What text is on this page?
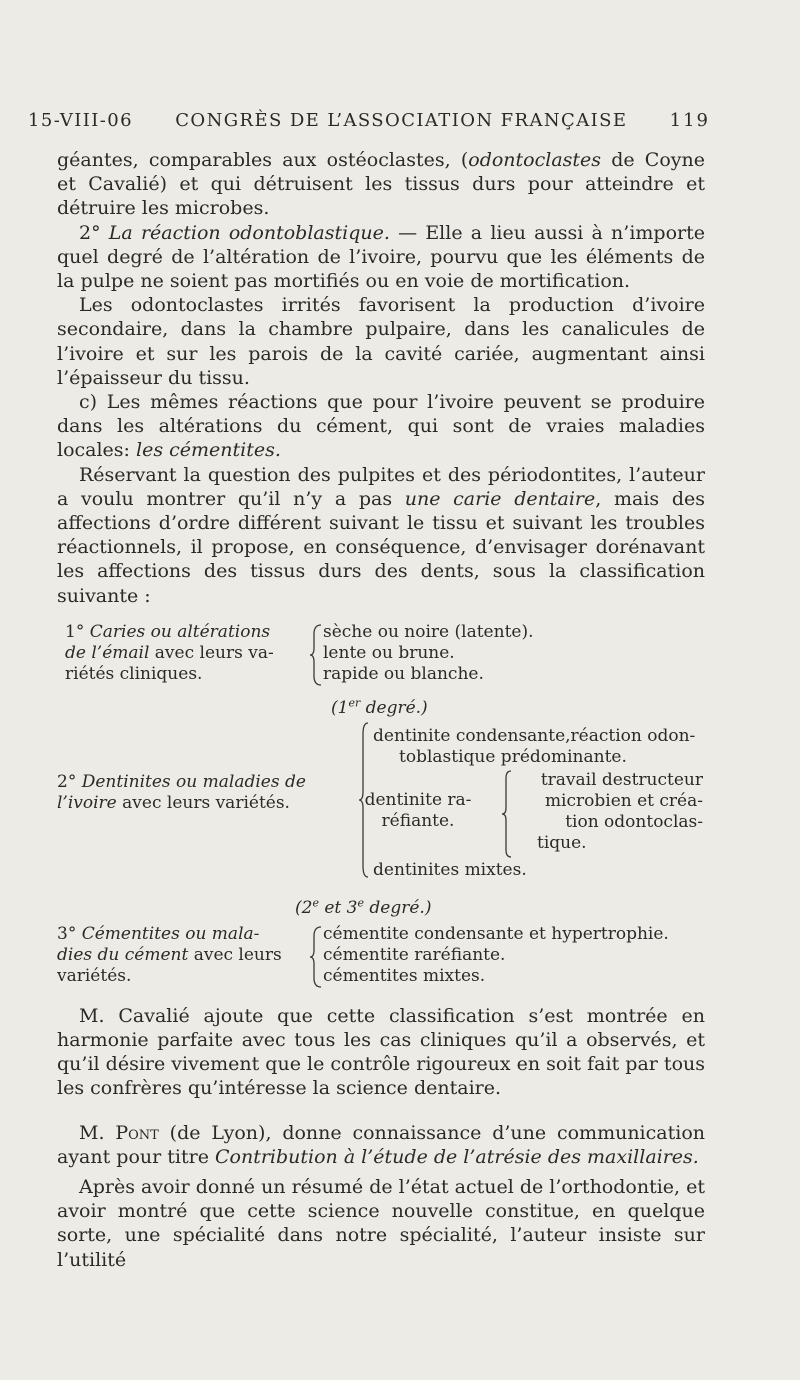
15-VIII-06 CONGRÈS DE L’ASSOCIATION FRANÇAISE 119

géantes, comparables aux ostéoclastes, (odontoclastes de Coyne et Cavalié) et qui détruisent les tissus durs pour atteindre et détruire les microbes.

2° La réaction odontoblastique. — Elle a lieu aussi à n’importe quel degré de l’altération de l’ivoire, pourvu que les éléments de la pulpe ne soient pas mortifiés ou en voie de mortification.

Les odontoclastes irrités favorisent la production d’ivoire secondaire, dans la chambre pulpaire, dans les canalicules de l’ivoire et sur les parois de la cavité cariée, augmentant ainsi l’épaisseur du tissu.

c) Les mêmes réactions que pour l’ivoire peuvent se produire dans les altérations du cément, qui sont de vraies maladies locales: les cémentites.

Réservant la question des pulpites et des périodontites, l’auteur a voulu montrer qu’il n’y a pas une carie dentaire, mais des affections d’ordre différent suivant le tissu et suivant les troubles réactionnels, il propose, en conséquence, d’envisager dorénavant les affections des tissus durs des dents, sous la classification suivante :

1° Caries ou altérations
de l’émail avec leurs va-
riétés cliniques.
sèche ou noire (latente).
lente ou brune.
rapide ou blanche.
(1er degré.)
2° Dentinites ou maladies de
l’ivoire avec leurs variétés.
dentinite condensante,réaction odon-
toblastique prédominante.
dentinite ra-
réfiante.
travail destructeur
microbien et créa-
tion odontoclas-
tique.
dentinites mixtes.
(2e et 3e degré.)
3° Cémentites ou mala-
dies du cément avec leurs
variétés.
cémentite condensante et hypertrophie.
cémentite raréfiante.
cémentites mixtes.

M. Cavalié ajoute que cette classification s’est montrée en harmonie parfaite avec tous les cas cliniques qu’il a observés, et qu’il désire vivement que le contrôle rigoureux en soit fait par tous les confrères qu’intéresse la science dentaire.

M. Pont (de Lyon), donne connaissance d’une communication ayant pour titre Contribution à l’étude de l’atrésie des maxillaires.

Après avoir donné un résumé de l’état actuel de l’orthodontie, et avoir montré que cette science nouvelle constitue, en quelque sorte, une spécialité dans notre spécialité, l’auteur insiste sur l’utilité
